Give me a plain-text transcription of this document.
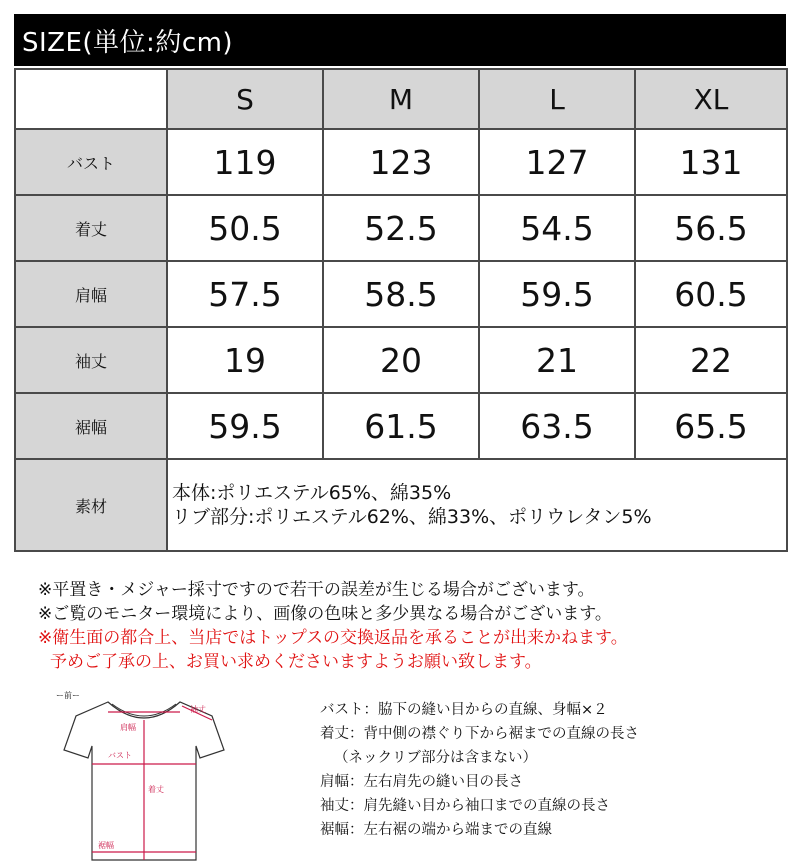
SIZE(単位:約cm)
	S	M	L	XL
バスト	119	123	127	131
着丈	50.5	52.5	54.5	56.5
肩幅	57.5	58.5	59.5	60.5
袖丈	19	20	21	22
裾幅	59.5	61.5	63.5	65.5
素材	本体:ポリエステル65%、綿35%
リブ部分:ポリエステル62%、綿33%、ポリウレタン5%			
※平置き・メジャー採寸ですので若干の誤差が生じる場合がございます。
※ご覧のモニター環境により、画像の色味と多少異なる場合がございます。
※衛生面の都合上、当店ではトップスの交換返品を承ることが出来かねます。
予めご了承の上、お買い求めくださいますようお願い致します。
ー前ー
肩幅
袖丈
バスト
着丈
裾幅
バスト：脇下の縫い目からの直線、身幅×２
着丈：背中側の襟ぐり下から裾までの直線の長さ
（ネックリブ部分は含まない）
肩幅：左右肩先の縫い目の長さ
袖丈：肩先縫い目から袖口までの直線の長さ
裾幅：左右裾の端から端までの直線
